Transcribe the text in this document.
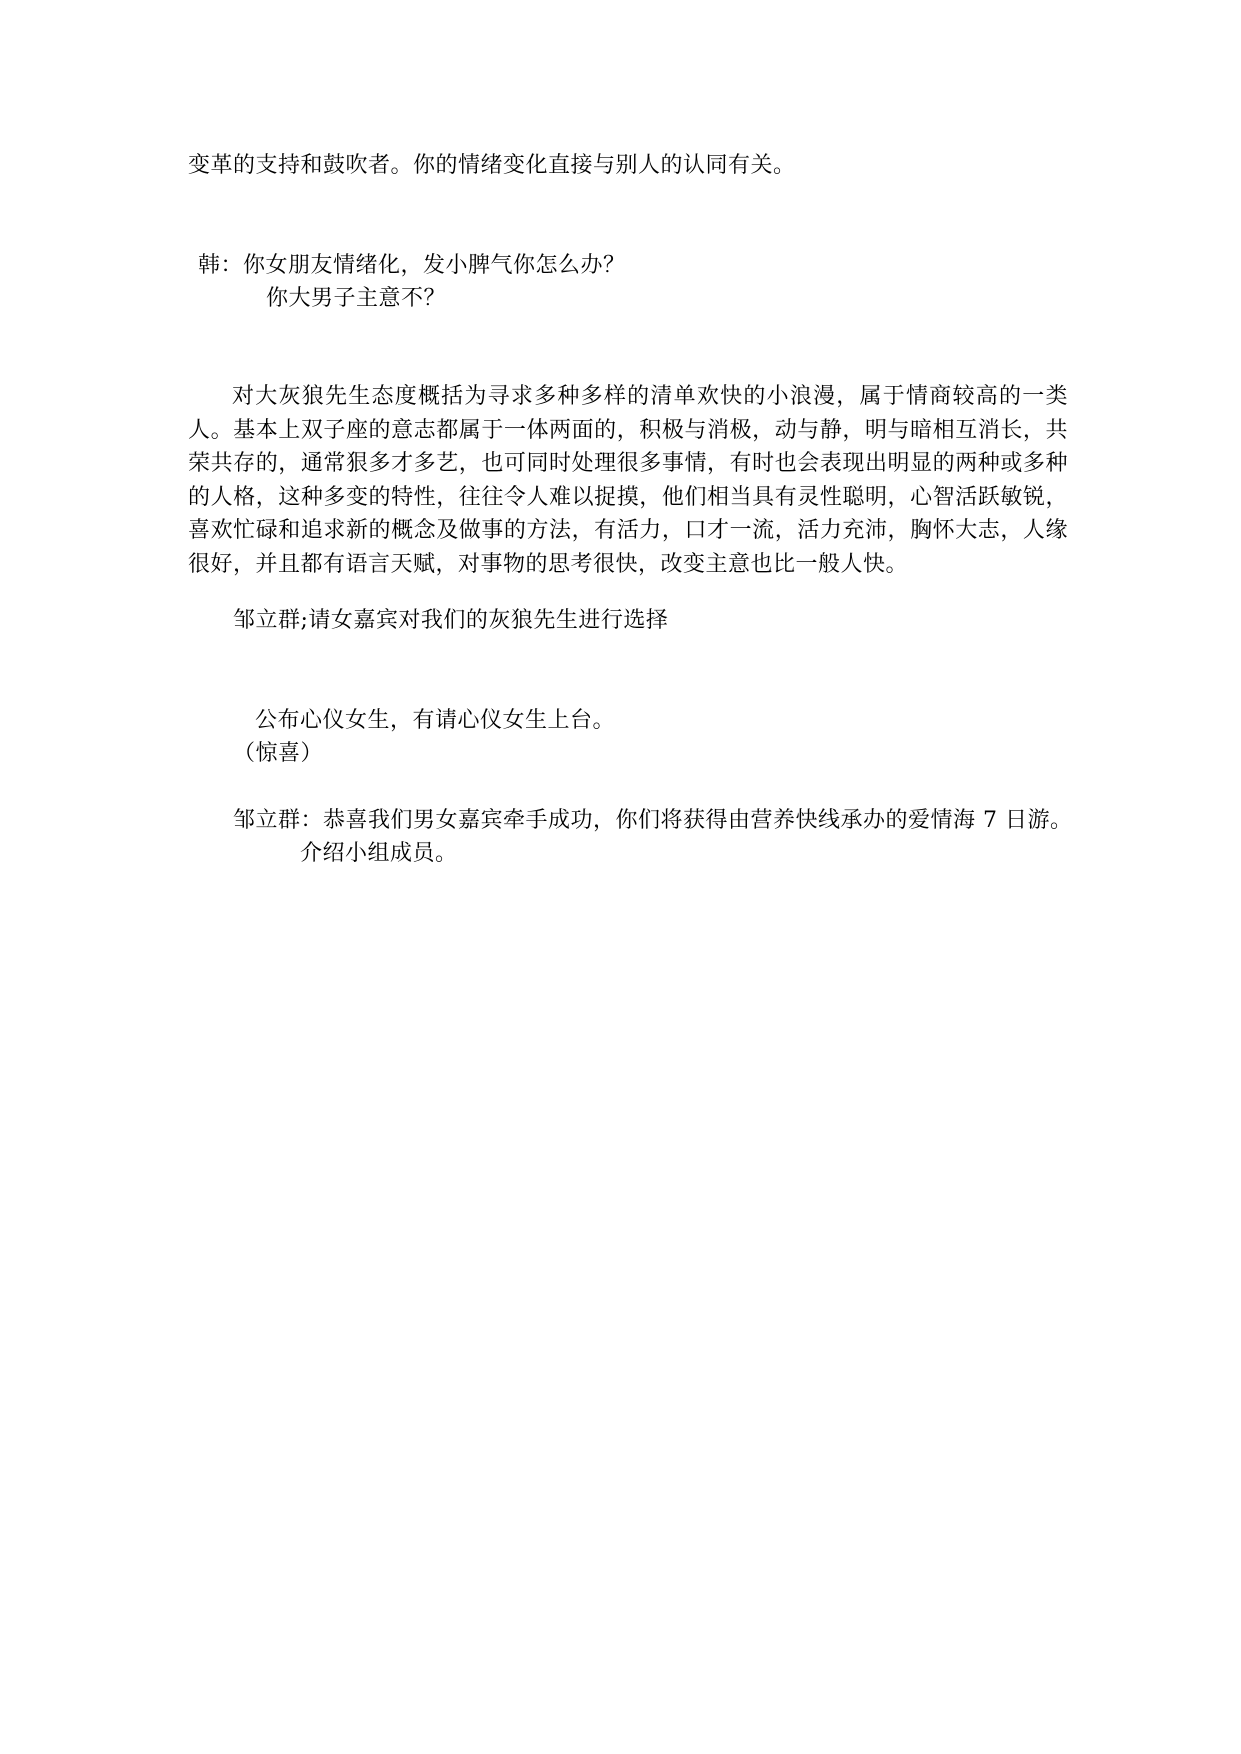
变革的支持和鼓吹者。你的情绪变化直接与别人的认同有关。
韩：你女朋友情绪化，发小脾气你怎么办？
你大男子主意不？
对大灰狼先生态度概括为寻求多种多样的清单欢快的小浪漫，属于情商较高的一类人。基本上双子座的意志都属于一体两面的，积极与消极，动与静，明与暗相互消长，共荣共存的，通常狠多才多艺，也可同时处理很多事情，有时也会表现出明显的两种或多种的人格，这种多变的特性，往往令人难以捉摸，他们相当具有灵性聪明，心智活跃敏锐，喜欢忙碌和追求新的概念及做事的方法，有活力，口才一流，活力充沛，胸怀大志，人缘很好，并且都有语言天赋，对事物的思考很快，改变主意也比一般人快。
邹立群;请女嘉宾对我们的灰狼先生进行选择
公布心仪女生，有请心仪女生上台。
（惊喜）
邹立群：恭喜我们男女嘉宾牵手成功，你们将获得由营养快线承办的爱情海 7 日游。
介绍小组成员。
